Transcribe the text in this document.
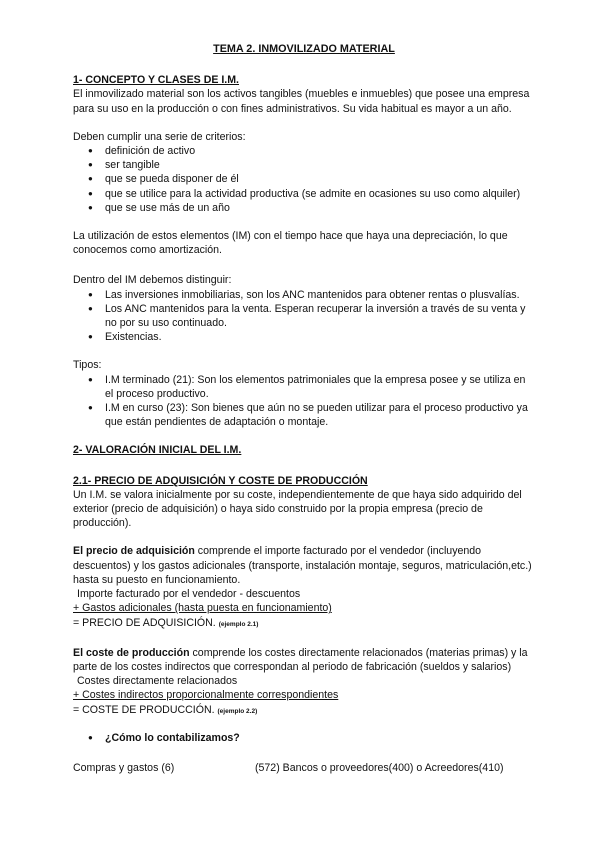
TEMA 2. INMOVILIZADO MATERIAL
1- CONCEPTO Y CLASES DE I.M.

El inmovilizado material son los activos tangibles (muebles e inmuebles) que posee una empresa para su uso en la producción o con fines administrativos. Su vida habitual es mayor a un año.

Deben cumplir una serie de criterios:

● definición de activo
● ser tangible
● que se pueda disponer de él
● que se utilice para la actividad productiva (se admite en ocasiones su uso como alquiler)
● que se use más de un año

La utilización de estos elementos (IM) con el tiempo hace que haya una depreciación, lo que conocemos como amortización.

Dentro del IM debemos distinguir:

● Las inversiones inmobiliarias, son los ANC mantenidos para obtener rentas o plusvalías.
● Los ANC mantenidos para la venta. Esperan recuperar la inversión a través de su venta y no por su uso continuado.
● Existencias.

Tipos:

● I.M terminado (21): Son los elementos patrimoniales que la empresa posee y se utiliza en el proceso productivo.
● I.M en curso (23): Son bienes que aún no se pueden utilizar para el proceso productivo ya que están pendientes de adaptación o montaje.
2- VALORACIÓN INICIAL DEL I.M.
2.1- PRECIO DE ADQUISICIÓN Y COSTE DE PRODUCCIÓN

Un I.M. se valora inicialmente por su coste, independientemente de que haya sido adquirido del exterior (precio de adquisición) o haya sido construido por la propia empresa (precio de producción).

El precio de adquisición comprende el importe facturado por el vendedor (incluyendo descuentos) y los gastos adicionales (transporte, instalación montaje, seguros, matriculación,etc.) hasta su puesto en funcionamiento.

Importe facturado por el vendedor - descuentos
+ Gastos adicionales (hasta puesta en funcionamiento)
= PRECIO DE ADQUISICIÓN. (ejemplo 2.1)

El coste de producción comprende los costes directamente relacionados (materias primas) y la parte de los costes indirectos que correspondan al periodo de fabricación (sueldos y salarios)

Costes directamente relacionados
+ Costes indirectos proporcionalmente correspondientes
= COSTE DE PRODUCCIÓN. (ejemplo 2.2)
● ¿Cómo lo contabilizamos?
Compras y gastos (6)	(572) Bancos o proveedores(400) o Acreedores(410)
